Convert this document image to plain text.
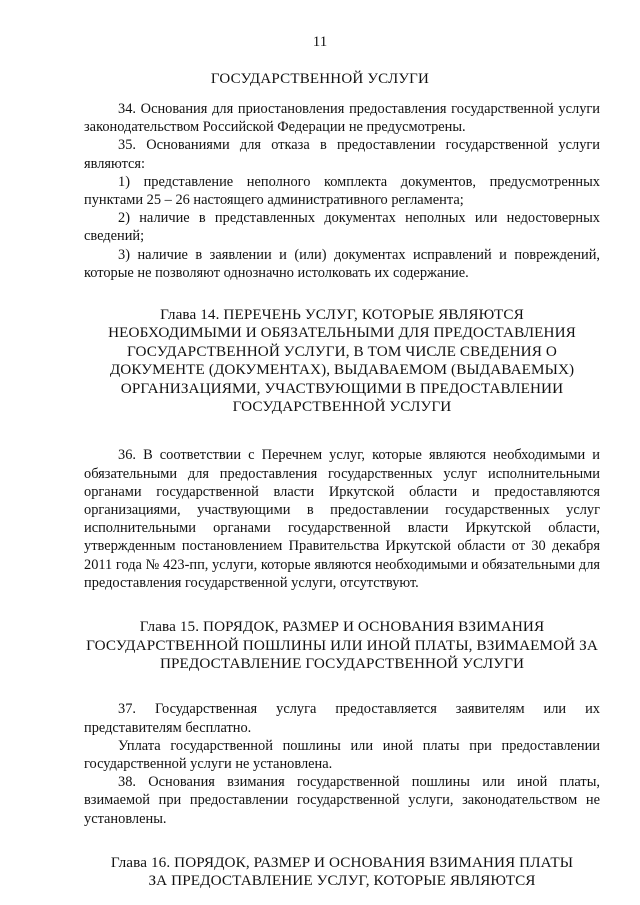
11
ГОСУДАРСТВЕННОЙ УСЛУГИ

34. Основания для приостановления предоставления государственной услуги законодательством Российской Федерации не предусмотрены.

35. Основаниями для отказа в предоставлении государственной услуги являются:

1) представление неполного комплекта документов, предусмотренных пунктами 25 – 26 настоящего административного регламента;

2) наличие в представленных документах неполных или недостоверных сведений;

3) наличие в заявлении и (или) документах исправлений и повреждений, которые не позволяют однозначно истолковать их содержание.

Глава 14. ПЕРЕЧЕНЬ УСЛУГ, КОТОРЫЕ ЯВЛЯЮТСЯ
НЕОБХОДИМЫМИ И ОБЯЗАТЕЛЬНЫМИ ДЛЯ ПРЕДОСТАВЛЕНИЯ
ГОСУДАРСТВЕННОЙ УСЛУГИ, В ТОМ ЧИСЛЕ СВЕДЕНИЯ О
ДОКУМЕНТЕ (ДОКУМЕНТАХ), ВЫДАВАЕМОМ (ВЫДАВАЕМЫХ)
ОРГАНИЗАЦИЯМИ, УЧАСТВУЮЩИМИ В ПРЕДОСТАВЛЕНИИ
ГОСУДАРСТВЕННОЙ УСЛУГИ

36. В соответствии с Перечнем услуг, которые являются необходимыми и обязательными для предоставления государственных услуг исполнительными органами государственной власти Иркутской области и предоставляются организациями, участвующими в предоставлении государственных услуг исполнительными органами государственной власти Иркутской области, утвержденным постановлением Правительства Иркутской области от 30 декабря 2011 года № 423-пп, услуги, которые являются необходимыми и обязательными для предоставления государственной услуги, отсутствуют.

Глава 15. ПОРЯДОК, РАЗМЕР И ОСНОВАНИЯ ВЗИМАНИЯ
ГОСУДАРСТВЕННОЙ ПОШЛИНЫ ИЛИ ИНОЙ ПЛАТЫ, ВЗИМАЕМОЙ ЗА
ПРЕДОСТАВЛЕНИЕ ГОСУДАРСТВЕННОЙ УСЛУГИ

37. Государственная услуга предоставляется заявителям или их представителям бесплатно.

Уплата государственной пошлины или иной платы при предоставлении государственной услуги не установлена.

38. Основания взимания государственной пошлины или иной платы, взимаемой при предоставлении государственной услуги, законодательством не установлены.

Глава 16. ПОРЯДОК, РАЗМЕР И ОСНОВАНИЯ ВЗИМАНИЯ ПЛАТЫ
ЗА ПРЕДОСТАВЛЕНИЕ УСЛУГ, КОТОРЫЕ ЯВЛЯЮТСЯ
